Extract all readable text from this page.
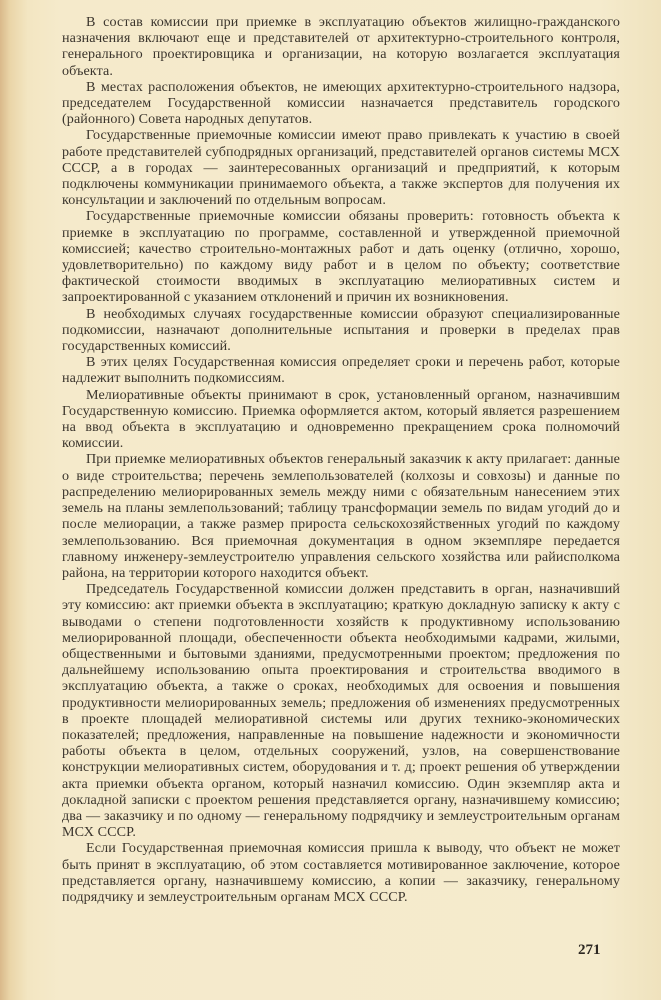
В состав комиссии при приемке в эксплуатацию объектов жилищно-гражданского назначения включают еще и представителей от архитектурно-строительного контроля, генерального проектировщика и организации, на которую возлагается эксплуатация объекта.

В местах расположения объектов, не имеющих архитектурно-строительного надзора, председателем Государственной комиссии назначается представитель городского (районного) Совета народных депутатов.

Государственные приемочные комиссии имеют право привлекать к участию в своей работе представителей субподрядных организаций, представителей органов системы МСХ СССР, а в городах — заинтересованных организаций и предприятий, к которым подключены коммуникации принимаемого объекта, а также экспертов для получения их консультации и заключений по отдельным вопросам.

Государственные приемочные комиссии обязаны проверить: готовность объекта к приемке в эксплуатацию по программе, составленной и утвержденной приемочной комиссией; качество строительно-монтажных работ и дать оценку (отлично, хорошо, удовлетворительно) по каждому виду работ и в целом по объекту; соответствие фактической стоимости вводимых в эксплуатацию мелиоративных систем и запроектированной с указанием отклонений и причин их возникновения.

В необходимых случаях государственные комиссии образуют специализированные подкомиссии, назначают дополнительные испытания и проверки в пределах прав государственных комиссий.

В этих целях Государственная комиссия определяет сроки и перечень работ, которые надлежит выполнить подкомиссиям.

Мелиоративные объекты принимают в срок, установленный органом, назначившим Государственную комиссию. Приемка оформляется актом, который является разрешением на ввод объекта в эксплуатацию и одновременно прекращением срока полномочий комиссии.

При приемке мелиоративных объектов генеральный заказчик к акту прилагает: данные о виде строительства; перечень землепользователей (колхозы и совхозы) и данные по распределению мелиорированных земель между ними с обязательным нанесением этих земель на планы землепользований; таблицу трансформации земель по видам угодий до и после мелиорации, а также размер прироста сельскохозяйственных угодий по каждому землепользованию. Вся приемочная документация в одном экземпляре передается главному инженеру-землеустроителю управления сельского хозяйства или райисполкома района, на территории которого находится объект.

Председатель Государственной комиссии должен представить в орган, назначивший эту комиссию: акт приемки объекта в эксплуатацию; краткую докладную записку к акту с выводами о степени подготовленности хозяйств к продуктивному использованию мелиорированной площади, обеспеченности объекта необходимыми кадрами, жилыми, общественными и бытовыми зданиями, предусмотренными проектом; предложения по дальнейшему использованию опыта проектирования и строительства вводимого в эксплуатацию объекта, а также о сроках, необходимых для освоения и повышения продуктивности мелиорированных земель; предложения об изменениях предусмотренных в проекте площадей мелиоративной системы или других технико-экономических показателей; предложения, направленные на повышение надежности и экономичности работы объекта в целом, отдельных сооружений, узлов, на совершенствование конструкции мелиоративных систем, оборудования и т. д; проект решения об утверждении акта приемки объекта органом, который назначил комиссию. Один экземпляр акта и докладной записки с проектом решения представляется органу, назначившему комиссию; два — заказчику и по одному — генеральному подрядчику и землеустроительным органам МСХ СССР.

Если Государственная приемочная комиссия пришла к выводу, что объект не может быть принят в эксплуатацию, об этом составляется мотивированное заключение, которое представляется органу, назначившему комиссию, а копии — заказчику, генеральному подрядчику и землеустроительным органам МСХ СССР.

271
